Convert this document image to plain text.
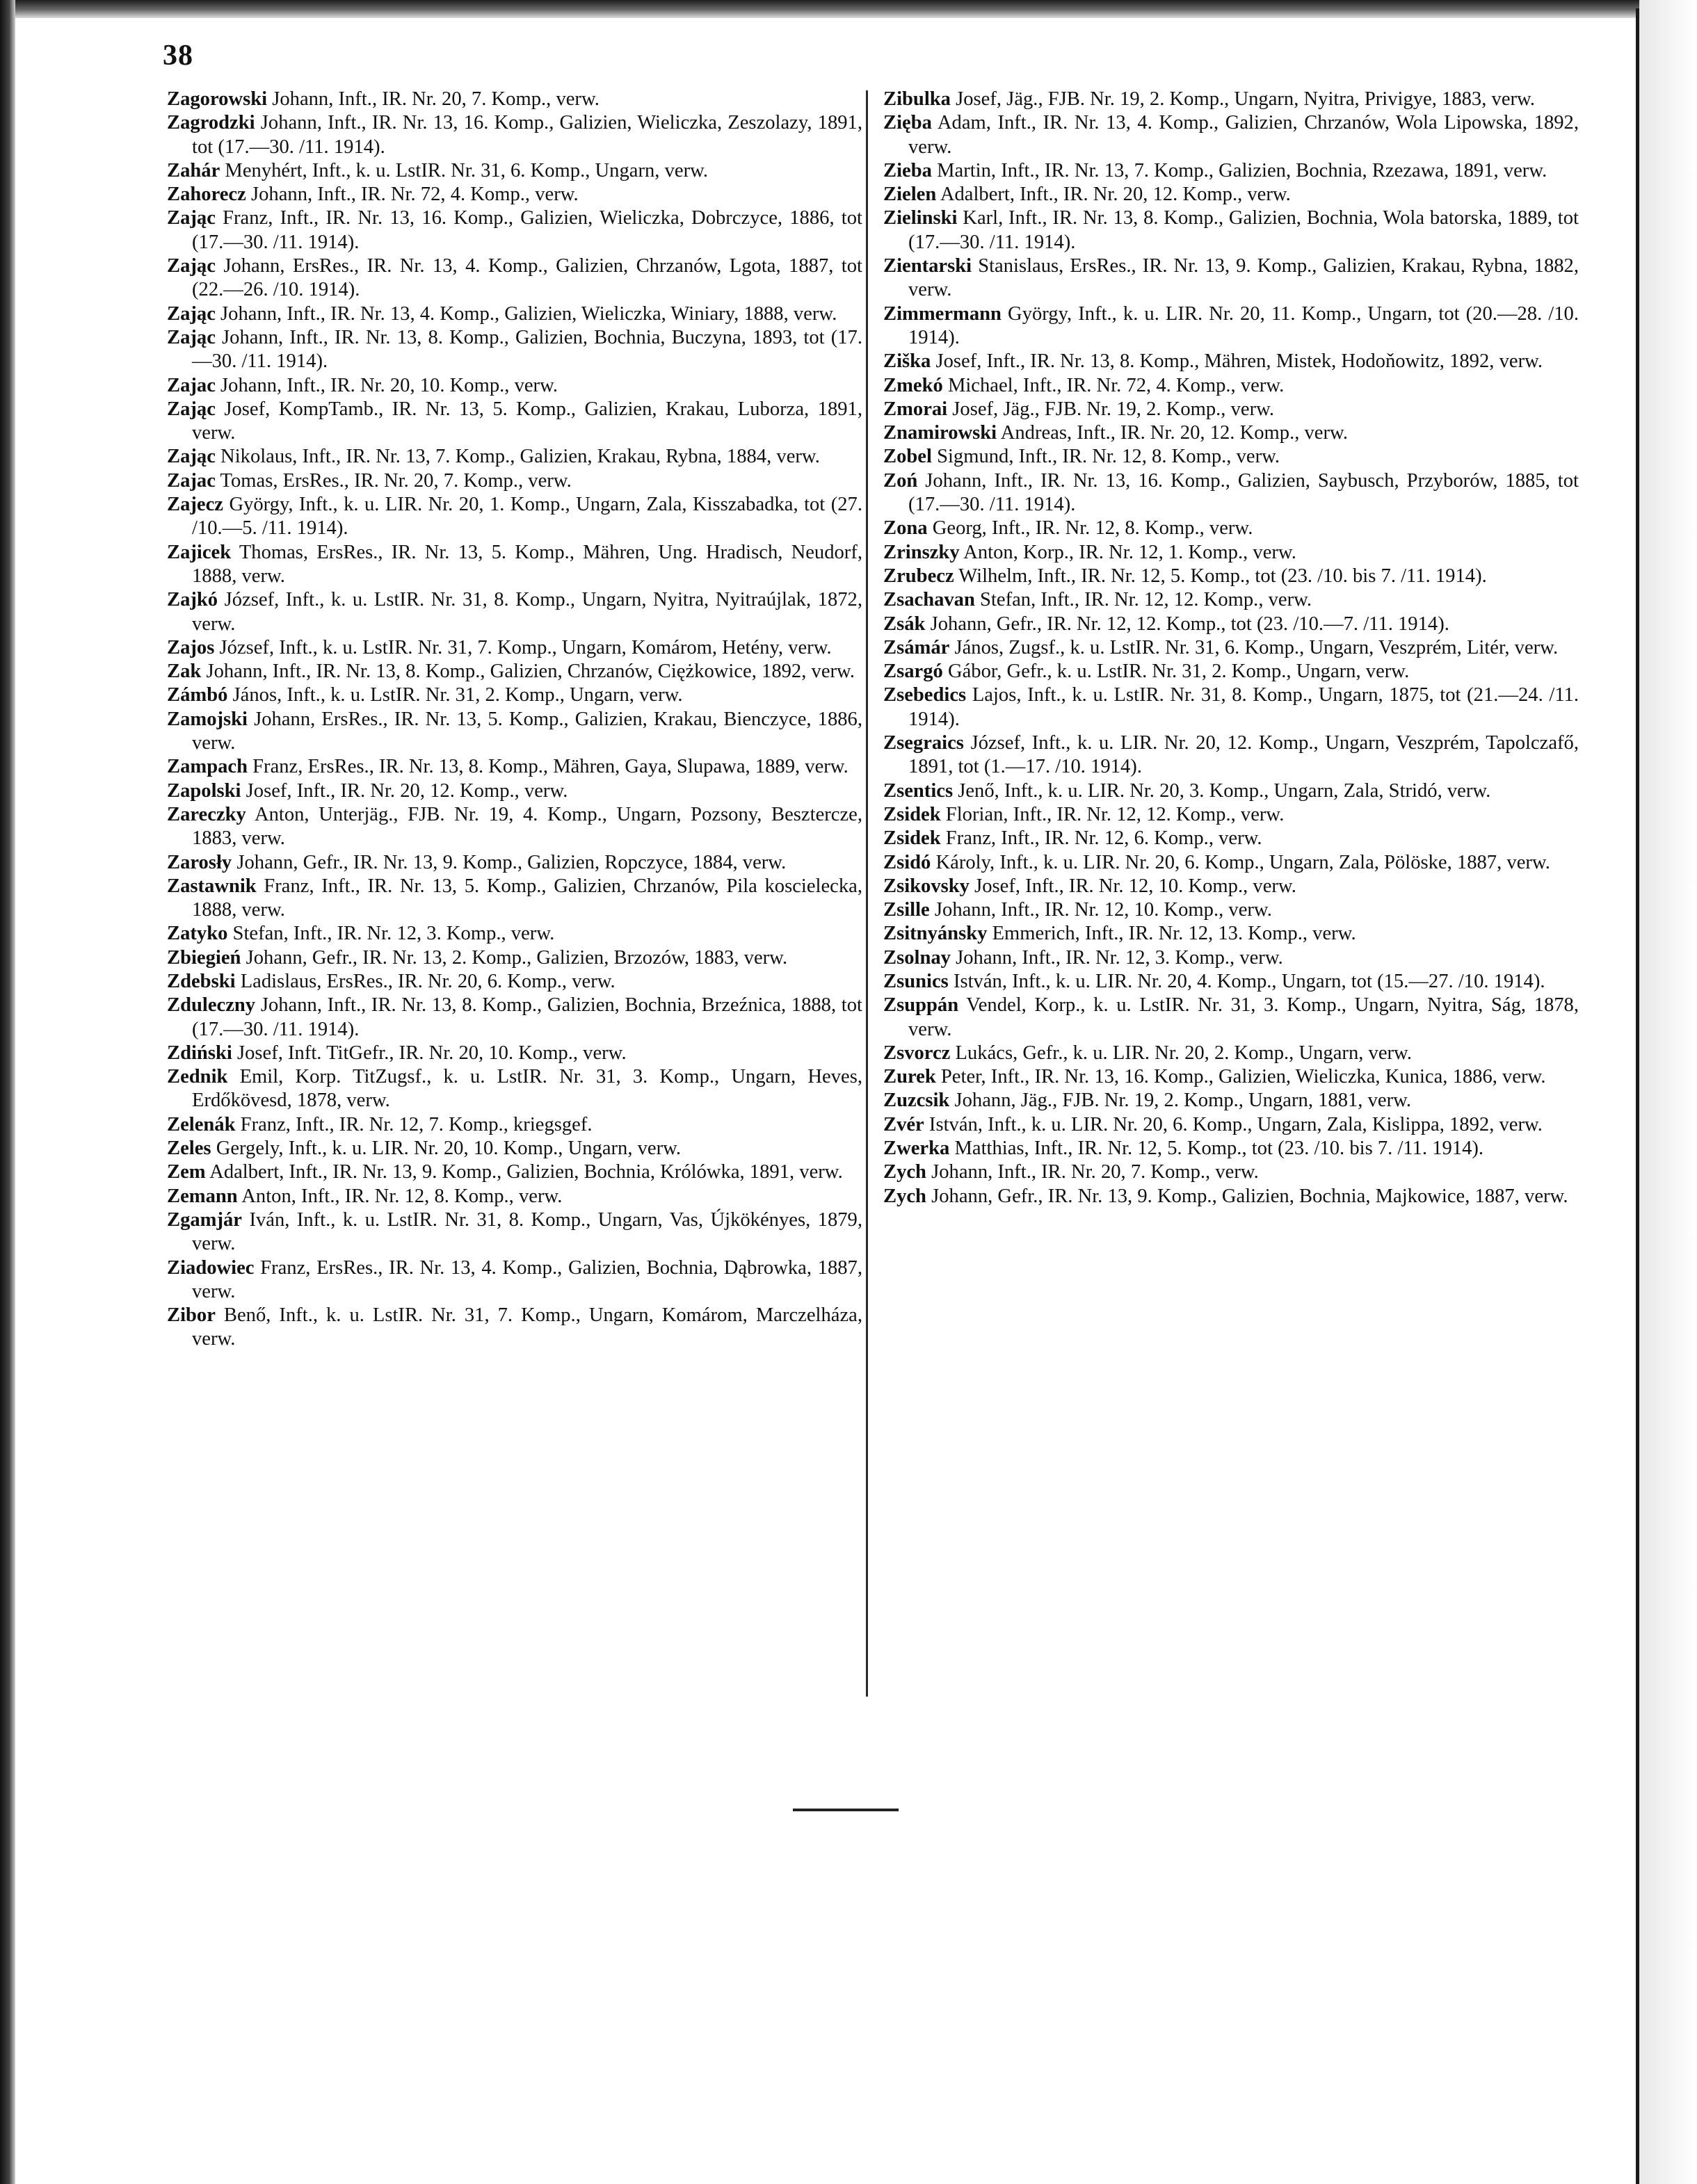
38

Zagorowski Johann, Inft., IR. Nr. 20, 7. Komp., verw.

Zagrodzki Johann, Inft., IR. Nr. 13, 16. Komp., Galizien, Wieliczka, Zeszolazy, 1891, tot (17.—30. /11. 1914).

Zahár Menyhért, Inft., k. u. LstIR. Nr. 31, 6. Komp., Ungarn, verw.

Zahorecz Johann, Inft., IR. Nr. 72, 4. Komp., verw.

Zając Franz, Inft., IR. Nr. 13, 16. Komp., Galizien, Wieliczka, Dobrczyce, 1886, tot (17.—30. /11. 1914).

Zając Johann, ErsRes., IR. Nr. 13, 4. Komp., Galizien, Chrzanów, Lgota, 1887, tot (22.—26. /10. 1914).

Zając Johann, Inft., IR. Nr. 13, 4. Komp., Galizien, Wieliczka, Winiary, 1888, verw.

Zając Johann, Inft., IR. Nr. 13, 8. Komp., Galizien, Bochnia, Buczyna, 1893, tot (17.—30. /11. 1914).

Zajac Johann, Inft., IR. Nr. 20, 10. Komp., verw.

Zając Josef, KompTamb., IR. Nr. 13, 5. Komp., Galizien, Krakau, Luborza, 1891, verw.

Zając Nikolaus, Inft., IR. Nr. 13, 7. Komp., Galizien, Krakau, Rybna, 1884, verw.

Zajac Tomas, ErsRes., IR. Nr. 20, 7. Komp., verw.

Zajecz György, Inft., k. u. LIR. Nr. 20, 1. Komp., Ungarn, Zala, Kisszabadka, tot (27. /10.—5. /11. 1914).

Zajicek Thomas, ErsRes., IR. Nr. 13, 5. Komp., Mähren, Ung. Hradisch, Neudorf, 1888, verw.

Zajkó József, Inft., k. u. LstIR. Nr. 31, 8. Komp., Ungarn, Nyitra, Nyitraújlak, 1872, verw.

Zajos József, Inft., k. u. LstIR. Nr. 31, 7. Komp., Ungarn, Komárom, Hetény, verw.

Zak Johann, Inft., IR. Nr. 13, 8. Komp., Galizien, Chrzanów, Ciężkowice, 1892, verw.

Zámbó János, Inft., k. u. LstIR. Nr. 31, 2. Komp., Ungarn, verw.

Zamojski Johann, ErsRes., IR. Nr. 13, 5. Komp., Galizien, Krakau, Bienczyce, 1886, verw.

Zampach Franz, ErsRes., IR. Nr. 13, 8. Komp., Mähren, Gaya, Slupawa, 1889, verw.

Zapolski Josef, Inft., IR. Nr. 20, 12. Komp., verw.

Zareczky Anton, Unterjäg., FJB. Nr. 19, 4. Komp., Ungarn, Pozsony, Besztercze, 1883, verw.

Zarosły Johann, Gefr., IR. Nr. 13, 9. Komp., Galizien, Ropczyce, 1884, verw.

Zastawnik Franz, Inft., IR. Nr. 13, 5. Komp., Galizien, Chrzanów, Pila koscielecka, 1888, verw.

Zatyko Stefan, Inft., IR. Nr. 12, 3. Komp., verw.

Zbiegień Johann, Gefr., IR. Nr. 13, 2. Komp., Galizien, Brzozów, 1883, verw.

Zdebski Ladislaus, ErsRes., IR. Nr. 20, 6. Komp., verw.

Zduleczny Johann, Inft., IR. Nr. 13, 8. Komp., Galizien, Bochnia, Brzeźnica, 1888, tot (17.—30. /11. 1914).

Zdiński Josef, Inft. TitGefr., IR. Nr. 20, 10. Komp., verw.

Zednik Emil, Korp. TitZugsf., k. u. LstIR. Nr. 31, 3. Komp., Ungarn, Heves, Erdőkövesd, 1878, verw.

Zelenák Franz, Inft., IR. Nr. 12, 7. Komp., kriegsgef.

Zeles Gergely, Inft., k. u. LIR. Nr. 20, 10. Komp., Ungarn, verw.

Zem Adalbert, Inft., IR. Nr. 13, 9. Komp., Galizien, Bochnia, Królówka, 1891, verw.

Zemann Anton, Inft., IR. Nr. 12, 8. Komp., verw.

Zgamjár Iván, Inft., k. u. LstIR. Nr. 31, 8. Komp., Ungarn, Vas, Újkökényes, 1879, verw.

Ziadowiec Franz, ErsRes., IR. Nr. 13, 4. Komp., Galizien, Bochnia, Dąbrowka, 1887, verw.

Zibor Benő, Inft., k. u. LstIR. Nr. 31, 7. Komp., Ungarn, Komárom, Marczelháza, verw.

Zibulka Josef, Jäg., FJB. Nr. 19, 2. Komp., Ungarn, Nyitra, Privigye, 1883, verw.

Zięba Adam, Inft., IR. Nr. 13, 4. Komp., Galizien, Chrzanów, Wola Lipowska, 1892, verw.

Zieba Martin, Inft., IR. Nr. 13, 7. Komp., Galizien, Bochnia, Rzezawa, 1891, verw.

Zielen Adalbert, Inft., IR. Nr. 20, 12. Komp., verw.

Zielinski Karl, Inft., IR. Nr. 13, 8. Komp., Galizien, Bochnia, Wola batorska, 1889, tot (17.—30. /11. 1914).

Zientarski Stanislaus, ErsRes., IR. Nr. 13, 9. Komp., Galizien, Krakau, Rybna, 1882, verw.

Zimmermann György, Inft., k. u. LIR. Nr. 20, 11. Komp., Ungarn, tot (20.—28. /10. 1914).

Ziška Josef, Inft., IR. Nr. 13, 8. Komp., Mähren, Mistek, Hodoňowitz, 1892, verw.

Zmekó Michael, Inft., IR. Nr. 72, 4. Komp., verw.

Zmorai Josef, Jäg., FJB. Nr. 19, 2. Komp., verw.

Znamirowski Andreas, Inft., IR. Nr. 20, 12. Komp., verw.

Zobel Sigmund, Inft., IR. Nr. 12, 8. Komp., verw.

Zoń Johann, Inft., IR. Nr. 13, 16. Komp., Galizien, Saybusch, Przyborów, 1885, tot (17.—30. /11. 1914).

Zona Georg, Inft., IR. Nr. 12, 8. Komp., verw.

Zrinszky Anton, Korp., IR. Nr. 12, 1. Komp., verw.

Zrubecz Wilhelm, Inft., IR. Nr. 12, 5. Komp., tot (23. /10. bis 7. /11. 1914).

Zsachavan Stefan, Inft., IR. Nr. 12, 12. Komp., verw.

Zsák Johann, Gefr., IR. Nr. 12, 12. Komp., tot (23. /10.—7. /11. 1914).

Zsámár János, Zugsf., k. u. LstIR. Nr. 31, 6. Komp., Ungarn, Veszprém, Litér, verw.

Zsargó Gábor, Gefr., k. u. LstIR. Nr. 31, 2. Komp., Ungarn, verw.

Zsebedics Lajos, Inft., k. u. LstIR. Nr. 31, 8. Komp., Ungarn, 1875, tot (21.—24. /11. 1914).

Zsegraics József, Inft., k. u. LIR. Nr. 20, 12. Komp., Ungarn, Veszprém, Tapolczafő, 1891, tot (1.—17. /10. 1914).

Zsentics Jenő, Inft., k. u. LIR. Nr. 20, 3. Komp., Ungarn, Zala, Stridó, verw.

Zsidek Florian, Inft., IR. Nr. 12, 12. Komp., verw.

Zsidek Franz, Inft., IR. Nr. 12, 6. Komp., verw.

Zsidó Károly, Inft., k. u. LIR. Nr. 20, 6. Komp., Ungarn, Zala, Pölöske, 1887, verw.

Zsikovsky Josef, Inft., IR. Nr. 12, 10. Komp., verw.

Zsille Johann, Inft., IR. Nr. 12, 10. Komp., verw.

Zsitnyánsky Emmerich, Inft., IR. Nr. 12, 13. Komp., verw.

Zsolnay Johann, Inft., IR. Nr. 12, 3. Komp., verw.

Zsunics István, Inft., k. u. LIR. Nr. 20, 4. Komp., Ungarn, tot (15.—27. /10. 1914).

Zsuppán Vendel, Korp., k. u. LstIR. Nr. 31, 3. Komp., Ungarn, Nyitra, Ság, 1878, verw.

Zsvorcz Lukács, Gefr., k. u. LIR. Nr. 20, 2. Komp., Ungarn, verw.

Zurek Peter, Inft., IR. Nr. 13, 16. Komp., Galizien, Wieliczka, Kunica, 1886, verw.

Zuzcsik Johann, Jäg., FJB. Nr. 19, 2. Komp., Ungarn, 1881, verw.

Zvér István, Inft., k. u. LIR. Nr. 20, 6. Komp., Ungarn, Zala, Kislippa, 1892, verw.

Zwerka Matthias, Inft., IR. Nr. 12, 5. Komp., tot (23. /10. bis 7. /11. 1914).

Zych Johann, Inft., IR. Nr. 20, 7. Komp., verw.

Zych Johann, Gefr., IR. Nr. 13, 9. Komp., Galizien, Bochnia, Majkowice, 1887, verw.
